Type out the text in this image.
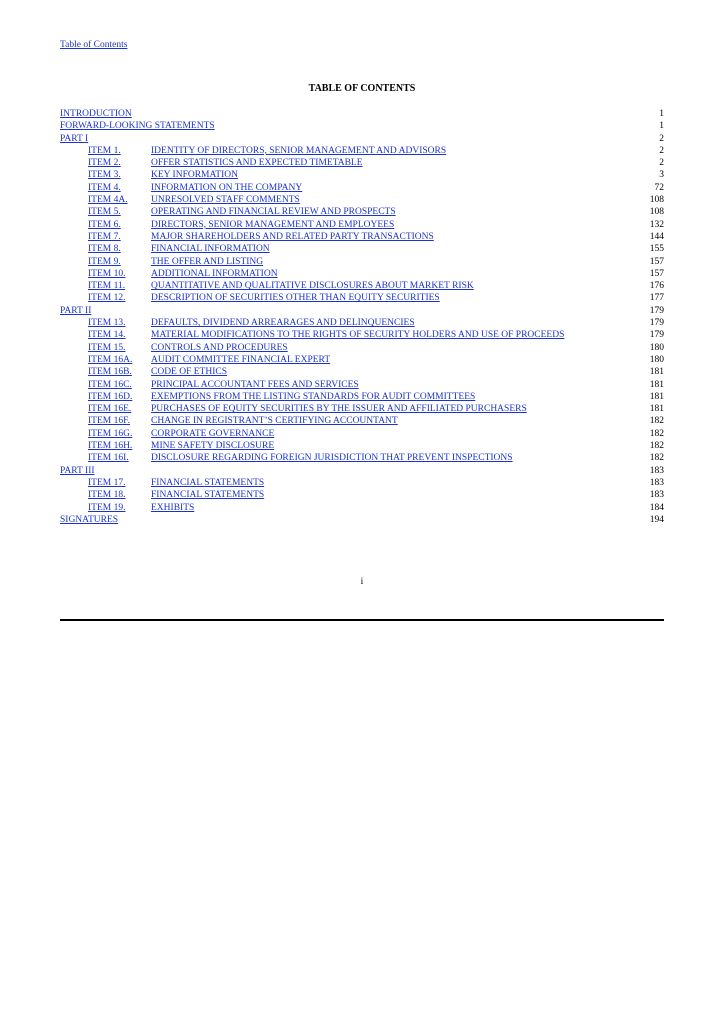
Table of Contents
TABLE OF CONTENTS
INTRODUCTION	1
FORWARD-LOOKING STATEMENTS	1
PART I	2
ITEM 1.	IDENTITY OF DIRECTORS, SENIOR MANAGEMENT AND ADVISORS	2
ITEM 2.	OFFER STATISTICS AND EXPECTED TIMETABLE	2
ITEM 3.	KEY INFORMATION	3
ITEM 4.	INFORMATION ON THE COMPANY	72
ITEM 4A. UNRESOLVED STAFF COMMENTS	108
ITEM 5.	OPERATING AND FINANCIAL REVIEW AND PROSPECTS	108
ITEM 6.	DIRECTORS, SENIOR MANAGEMENT AND EMPLOYEES	132
ITEM 7.	MAJOR SHAREHOLDERS AND RELATED PARTY TRANSACTIONS	144
ITEM 8.	FINANCIAL INFORMATION	155
ITEM 9.	THE OFFER AND LISTING	157
ITEM 10.	ADDITIONAL INFORMATION	157
ITEM 11.	QUANTITATIVE AND QUALITATIVE DISCLOSURES ABOUT MARKET RISK	176
ITEM 12.	DESCRIPTION OF SECURITIES OTHER THAN EQUITY SECURITIES	177
PART II	179
ITEM 13.	DEFAULTS, DIVIDEND ARREARAGES AND DELINQUENCIES	179
ITEM 14.	MATERIAL MODIFICATIONS TO THE RIGHTS OF SECURITY HOLDERS AND USE OF PROCEEDS	179
ITEM 15.	CONTROLS AND PROCEDURES	180
ITEM 16A. AUDIT COMMITTEE FINANCIAL EXPERT	180
ITEM 16B. CODE OF ETHICS	181
ITEM 16C. PRINCIPAL ACCOUNTANT FEES AND SERVICES	181
ITEM 16D. EXEMPTIONS FROM THE LISTING STANDARDS FOR AUDIT COMMITTEES	181
ITEM 16E. PURCHASES OF EQUITY SECURITIES BY THE ISSUER AND AFFILIATED PURCHASERS	181
ITEM 16F. CHANGE IN REGISTRANT’S CERTIFYING ACCOUNTANT	182
ITEM 16G. CORPORATE GOVERNANCE	182
ITEM 16H. MINE SAFETY DISCLOSURE	182
ITEM 16I. DISCLOSURE REGARDING FOREIGN JURISDICTION THAT PREVENT INSPECTIONS	182
PART III	183
ITEM 17.	FINANCIAL STATEMENTS	183
ITEM 18.	FINANCIAL STATEMENTS	183
ITEM 19.	EXHIBITS	184
SIGNATURES	194
i
